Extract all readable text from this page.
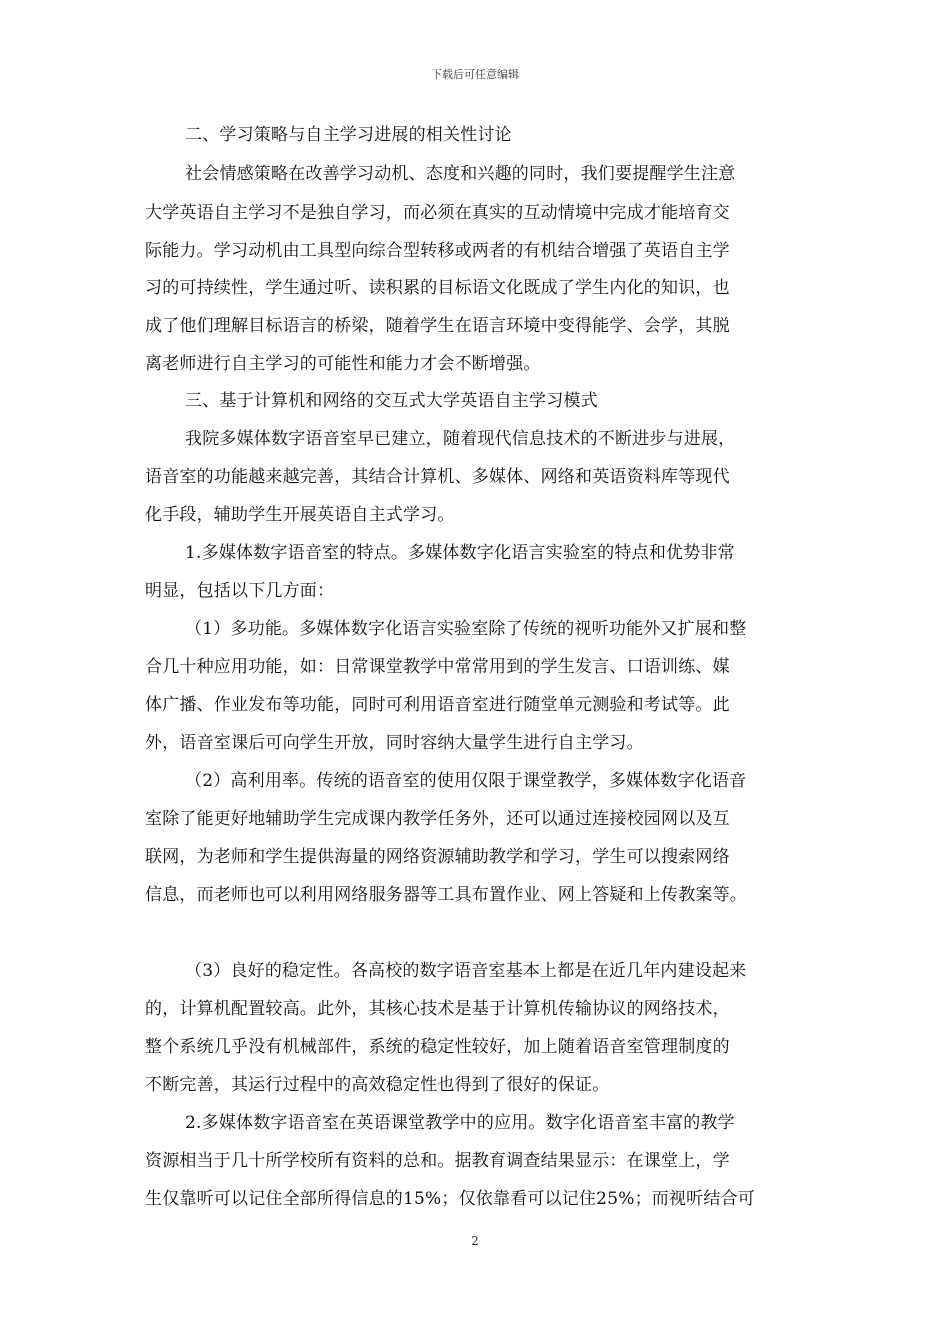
下载后可任意编辑
二、学习策略与自主学习进展的相关性讨论
社会情感策略在改善学习动机、态度和兴趣的同时，我们要提醒学生注意
大学英语自主学习不是独自学习，而必须在真实的互动情境中完成才能培育交
际能力。学习动机由工具型向综合型转移或两者的有机结合增强了英语自主学
习的可持续性，学生通过听、读积累的目标语文化既成了学生内化的知识，也
成了他们理解目标语言的桥梁，随着学生在语言环境中变得能学、会学，其脱
离老师进行自主学习的可能性和能力才会不断增强。
三、基于计算机和网络的交互式大学英语自主学习模式
我院多媒体数字语音室早已建立，随着现代信息技术的不断进步与进展，
语音室的功能越来越完善，其结合计算机、多媒体、网络和英语资料库等现代
化手段，辅助学生开展英语自主式学习。
1.多媒体数字语音室的特点。多媒体数字化语言实验室的特点和优势非常
明显，包括以下几方面：
（1）多功能。多媒体数字化语言实验室除了传统的视听功能外又扩展和整
合几十种应用功能，如：日常课堂教学中常常用到的学生发言、口语训练、媒
体广播、作业发布等功能，同时可利用语音室进行随堂单元测验和考试等。此
外，语音室课后可向学生开放，同时容纳大量学生进行自主学习。
（2）高利用率。传统的语音室的使用仅限于课堂教学，多媒体数字化语音
室除了能更好地辅助学生完成课内教学任务外，还可以通过连接校园网以及互
联网，为老师和学生提供海量的网络资源辅助教学和学习，学生可以搜索网络
信息，而老师也可以利用网络服务器等工具布置作业、网上答疑和上传教案等。
（3）良好的稳定性。各高校的数字语音室基本上都是在近几年内建设起来
的，计算机配置较高。此外，其核心技术是基于计算机传输协议的网络技术，
整个系统几乎没有机械部件，系统的稳定性较好，加上随着语音室管理制度的
不断完善，其运行过程中的高效稳定性也得到了很好的保证。
2.多媒体数字语音室在英语课堂教学中的应用。数字化语音室丰富的教学
资源相当于几十所学校所有资料的总和。据教育调查结果显示：在课堂上，学
生仅靠听可以记住全部所得信息的15%；仅依靠看可以记住25%；而视听结合可
2
